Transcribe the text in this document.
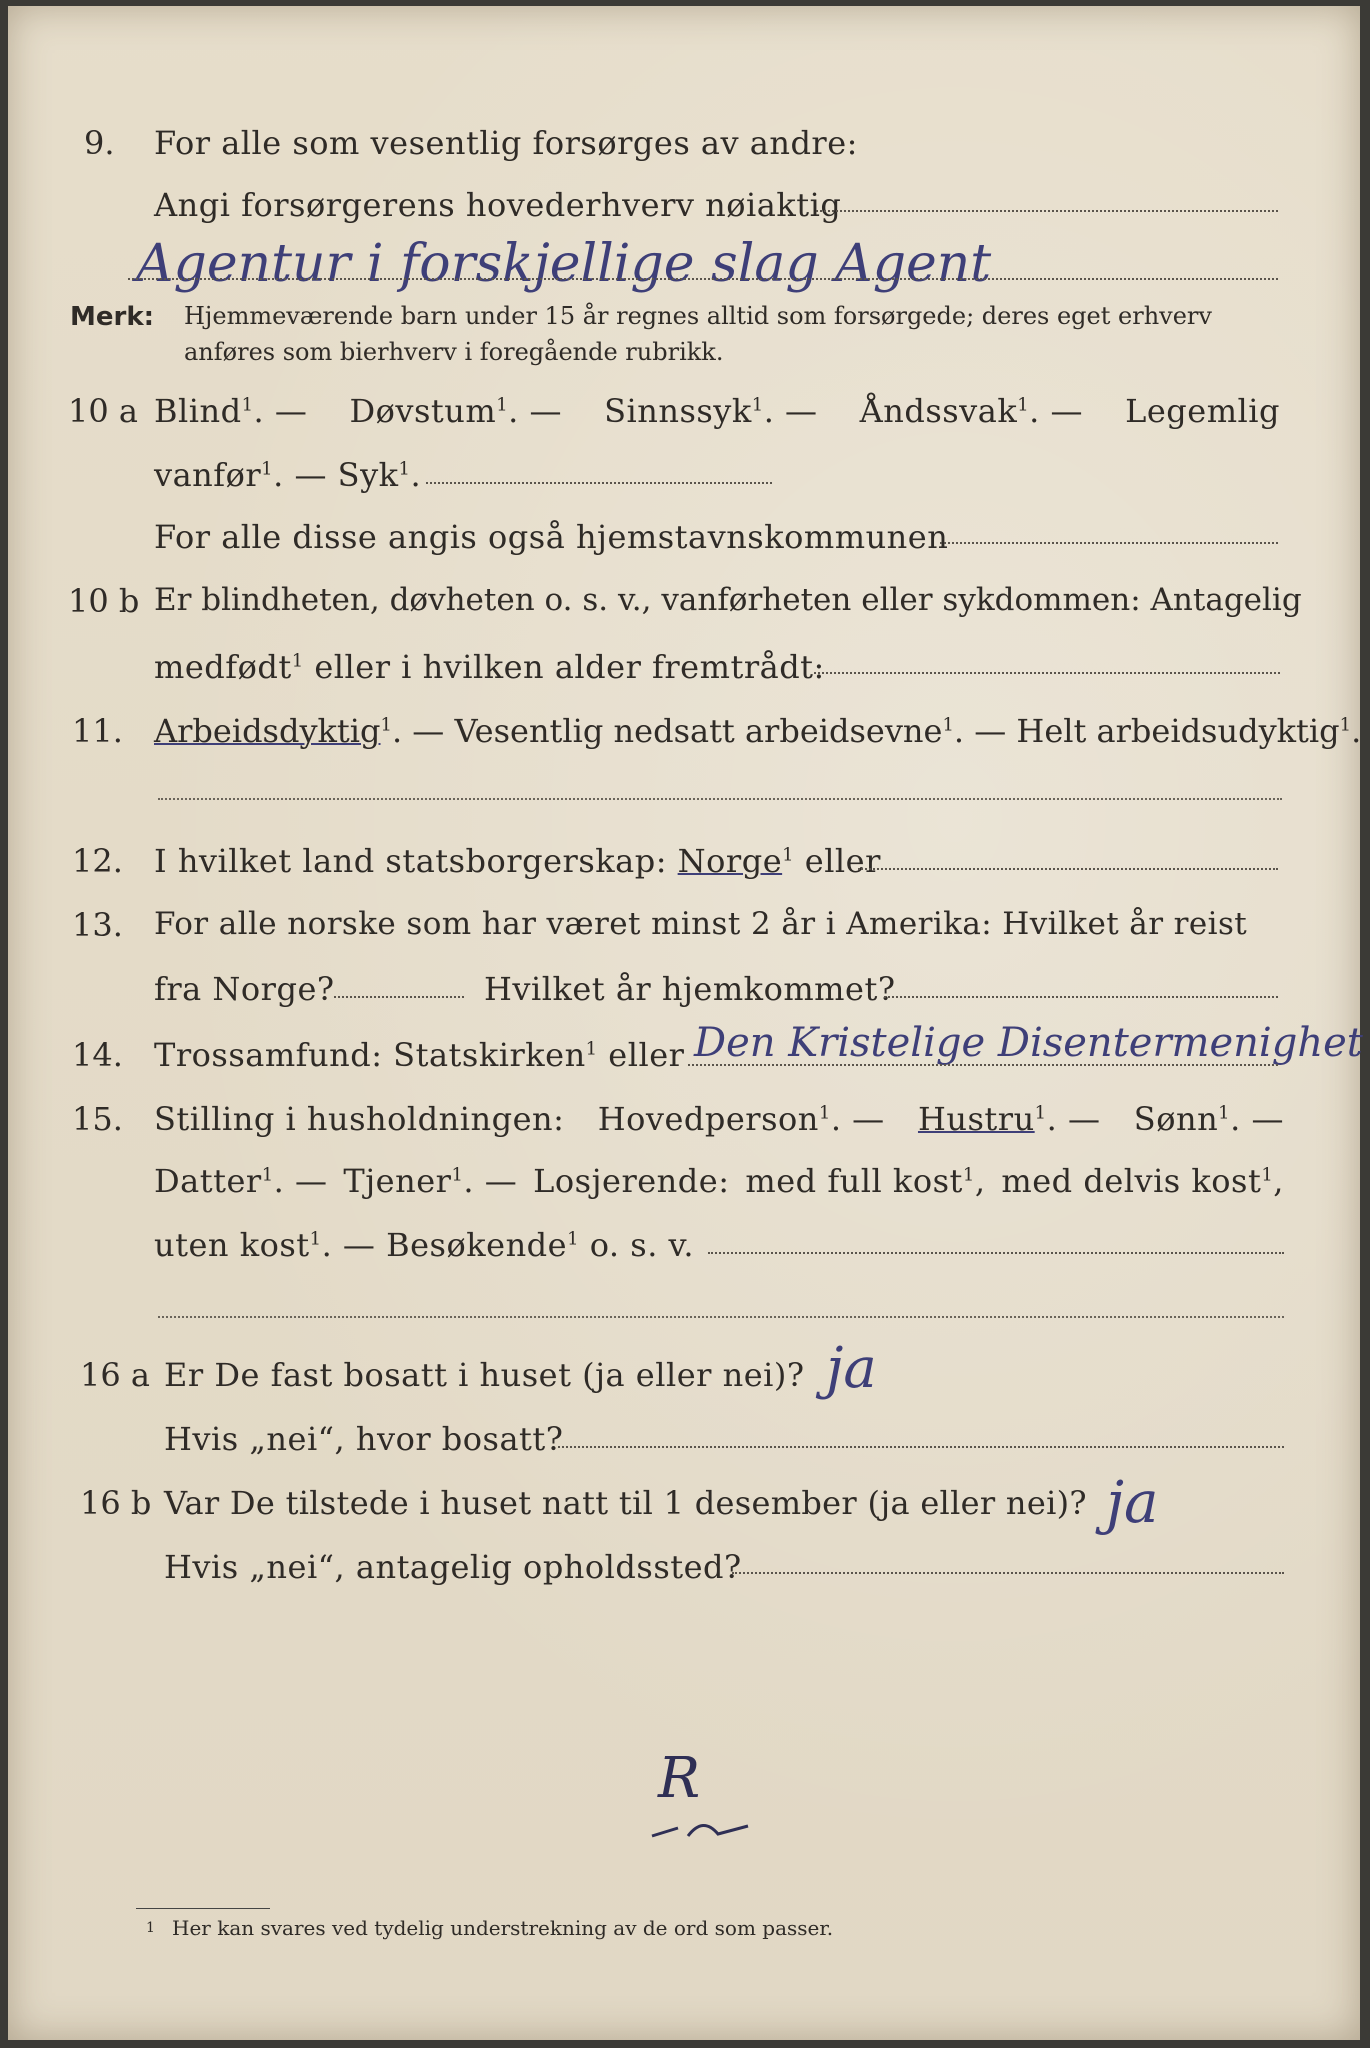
9. For alle som vesentlig forsørges av andre:
Angi forsørgerens hovederhverv nøiaktig
Agentur i forskjellige slag Agent
Merk: Hjemmeværende barn under 15 år regnes alltid som forsørgede; deres eget erhverv
anføres som bierhverv i foregående rubrikk.
10 a Blind$^1$. — Døvstum$^1$. — Sinnssyk$^1$. — Åndssvak$^1$. — Legemlig
vanfør$^1$. — Syk$^1$.
For alle disse angis også hjemstavnskommunen
10 b Er blindheten, døvheten o. s. v., vanførheten eller sykdommen: Antagelig
medfødt$^1$ eller i hvilken alder fremtrådt:
11. Arbeidsdyktig$^1$. — Vesentlig nedsatt arbeidsevne$^1$. — Helt arbeidsudyktig$^1$.
12. I hvilket land statsborgerskap: Norge$^1$ eller
13. For alle norske som har været minst 2 år i Amerika: Hvilket år reist
fra Norge?	Hvilket år hjemkommet?
14. Trossamfund: Statskirken$^1$ eller Den Kristelige Disentermenighet
15. Stilling i husholdningen: Hovedperson$^1$. — Hustru$^1$. — Sønn$^1$. —
Datter$^1$. — Tjener$^1$. — Losjerende: med full kost$^1$, med delvis kost$^1$,
uten kost$^1$. — Besøkende$^1$ o. s. v.
16 a Er De fast bosatt i huset (ja eller nei)? ja
Hvis „nei“, hvor bosatt?
16 b Var De tilstede i huset natt til 1 desember (ja eller nei)? ja
Hvis „nei“, antagelig opholdssted?
R
1 Her kan svares ved tydelig understrekning av de ord som passer.
